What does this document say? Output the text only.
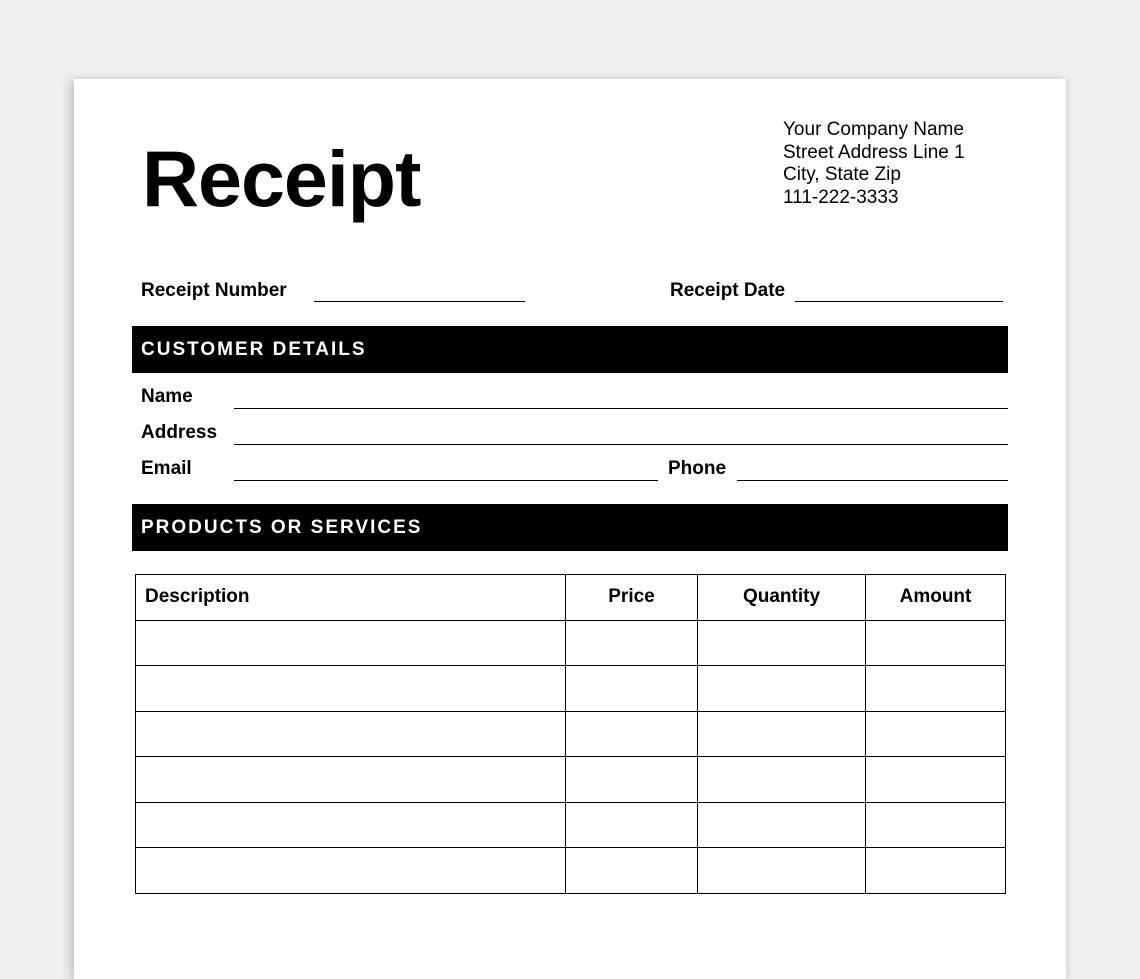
Receipt
Your Company Name
Street Address Line 1
City, State Zip
111-222-3333
Receipt Number	Receipt Date
CUSTOMER DETAILS
Name
Address
Email	Phone
PRODUCTS OR SERVICES
Description	Price	Quantity	Amount
